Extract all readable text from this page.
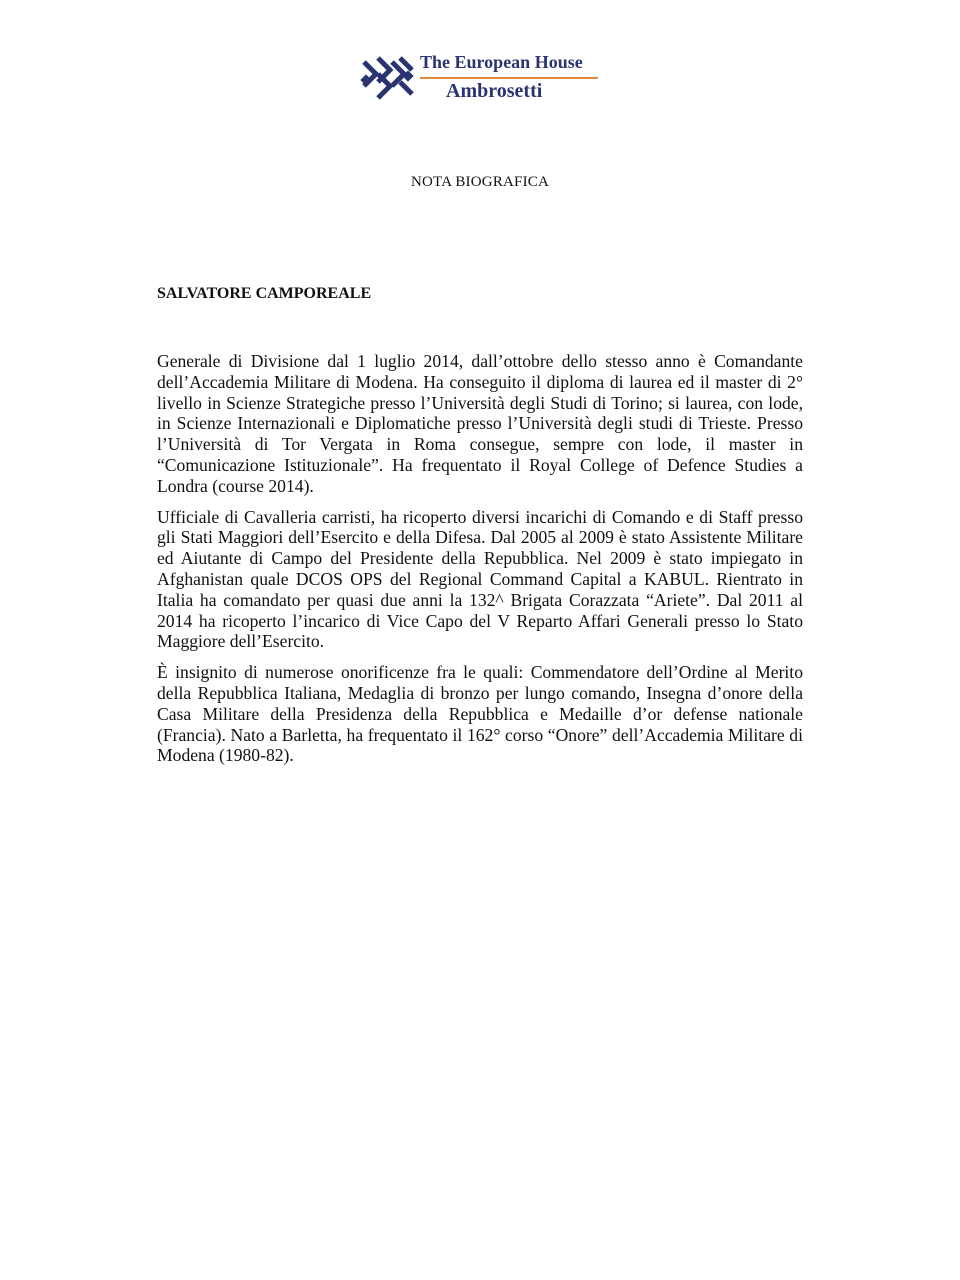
The European House
Ambrosetti
NOTA BIOGRAFICA
SALVATORE CAMPOREALE

Generale di Divisione dal 1 luglio 2014, dall’ottobre dello stesso anno è Comandante dell’Accademia Militare di Modena. Ha conseguito il diploma di laurea ed il master di 2° livello in Scienze Strategiche presso l’Università degli Studi di Torino; si laurea, con lode, in Scienze Internazionali e Diplomatiche presso l’Università degli studi di Trieste. Presso l’Università di Tor Vergata in Roma consegue, sempre con lode, il master in “Comunicazione Istituzionale”. Ha frequentato il Royal College of Defence Studies a Londra (course 2014).

Ufficiale di Cavalleria carristi, ha ricoperto diversi incarichi di Comando e di Staff presso gli Stati Maggiori dell’Esercito e della Difesa. Dal 2005 al 2009 è stato Assistente Militare ed Aiutante di Campo del Presidente della Repubblica. Nel 2009 è stato impiegato in Afghanistan quale DCOS OPS del Regional Command Capital a KABUL. Rientrato in Italia ha comandato per quasi due anni la 132^ Brigata Corazzata “Ariete”. Dal 2011 al 2014 ha ricoperto l’incarico di Vice Capo del V Reparto Affari Generali presso lo Stato Maggiore dell’Esercito.

È insignito di numerose onorificenze fra le quali: Commendatore dell’Ordine al Merito della Repubblica Italiana, Medaglia di bronzo per lungo comando, Insegna d’onore della Casa Militare della Presidenza della Repubblica e Medaille d’or defense nationale (Francia). Nato a Barletta, ha frequentato il 162° corso “Onore” dell’Accademia Militare di Modena (1980-82).
